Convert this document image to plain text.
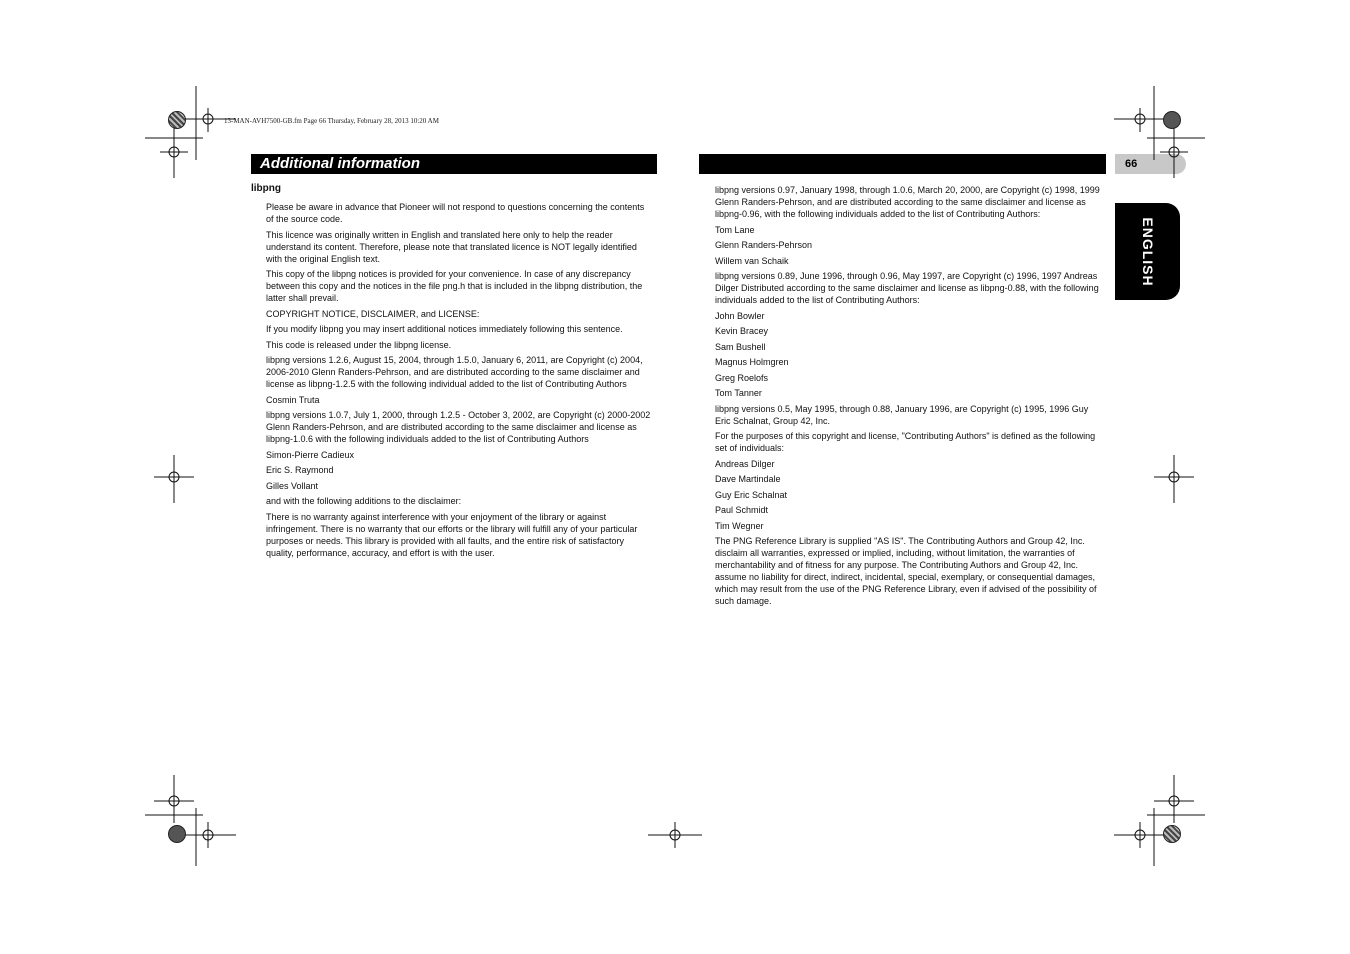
13-MAN-AVH7500-GB.fm Page 66 Thursday, February 28, 2013 10:20 AM
Additional information	66
ENGLISH
libpng

Please be aware in advance that Pioneer will not respond to questions concerning the contents of the source code.

This licence was originally written in English and translated here only to help the reader understand its content. Therefore, please note that translated licence is NOT legally identified with the original English text.

This copy of the libpng notices is provided for your convenience. In case of any discrepancy between this copy and the notices in the file png.h that is included in the libpng distribution, the latter shall prevail.

COPYRIGHT NOTICE, DISCLAIMER, and LICENSE:

If you modify libpng you may insert additional notices immediately following this sentence.

This code is released under the libpng license.

libpng versions 1.2.6, August 15, 2004, through 1.5.0, January 6, 2011, are Copyright (c) 2004, 2006-2010 Glenn Randers-Pehrson, and are distributed according to the same disclaimer and license as libpng-1.2.5 with the following individual added to the list of Contributing Authors

Cosmin Truta

libpng versions 1.0.7, July 1, 2000, through 1.2.5 - October 3, 2002, are Copyright (c) 2000-2002 Glenn Randers-Pehrson, and are distributed according to the same disclaimer and license as libpng-1.0.6 with the following individuals added to the list of Contributing Authors

Simon-Pierre Cadieux

Eric S. Raymond

Gilles Vollant

and with the following additions to the disclaimer:

There is no warranty against interference with your enjoyment of the library or against infringement. There is no warranty that our efforts or the library will fulfill any of your particular purposes or needs. This library is provided with all faults, and the entire risk of satisfactory quality, performance, accuracy, and effort is with the user.

libpng versions 0.97, January 1998, through 1.0.6, March 20, 2000, are Copyright (c) 1998, 1999 Glenn Randers-Pehrson, and are distributed according to the same disclaimer and license as libpng-0.96, with the following individuals added to the list of Contributing Authors:

Tom Lane

Glenn Randers-Pehrson

Willem van Schaik

libpng versions 0.89, June 1996, through 0.96, May 1997, are Copyright (c) 1996, 1997 Andreas Dilger Distributed according to the same disclaimer and license as libpng-0.88, with the following individuals added to the list of Contributing Authors:

John Bowler

Kevin Bracey

Sam Bushell

Magnus Holmgren

Greg Roelofs

Tom Tanner

libpng versions 0.5, May 1995, through 0.88, January 1996, are Copyright (c) 1995, 1996 Guy Eric Schalnat, Group 42, Inc.

For the purposes of this copyright and license, "Contributing Authors" is defined as the following set of individuals:

Andreas Dilger

Dave Martindale

Guy Eric Schalnat

Paul Schmidt

Tim Wegner

The PNG Reference Library is supplied "AS IS". The Contributing Authors and Group 42, Inc. disclaim all warranties, expressed or implied, including, without limitation, the warranties of merchantability and of fitness for any purpose. The Contributing Authors and Group 42, Inc. assume no liability for direct, indirect, incidental, special, exemplary, or consequential damages, which may result from the use of the PNG Reference Library, even if advised of the possibility of such damage.
